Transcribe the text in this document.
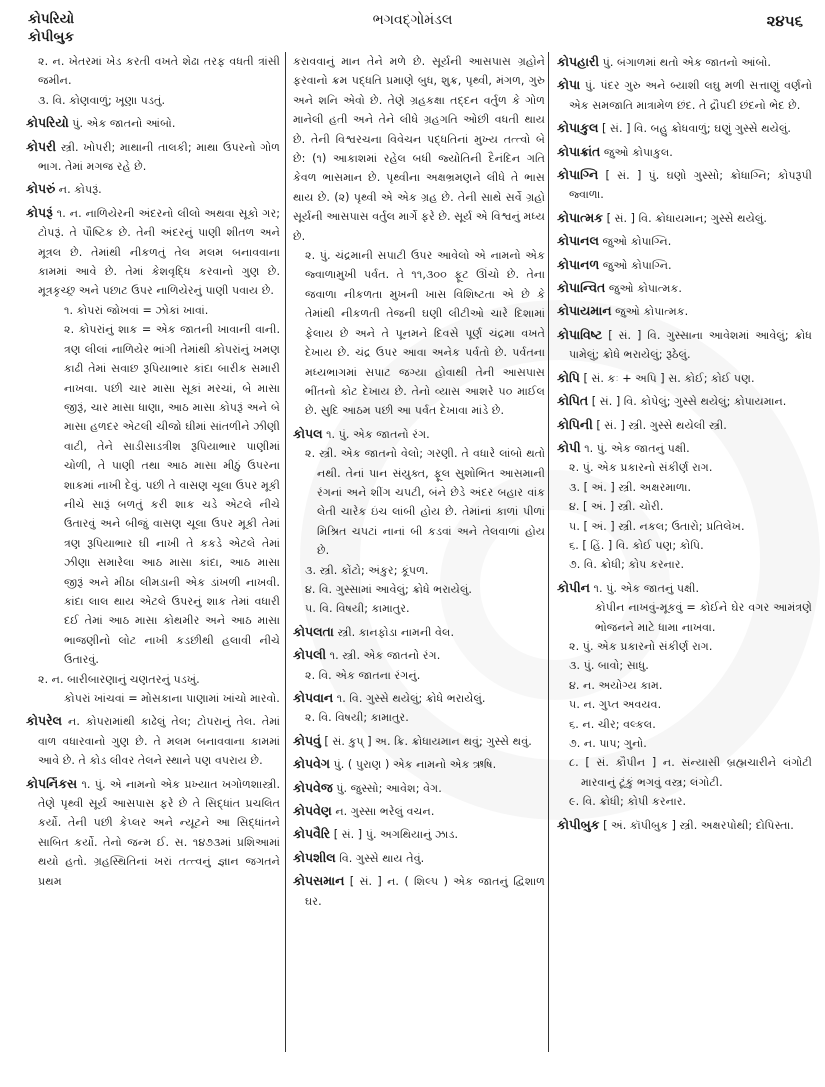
કોપરિયો
કોપીબુક
ભગવદ્ગોમંડલ	૨૪૫૬
૨. ન. ખેતરમાં ખેડ કરતી વખતે શેઢા તરફ વધતી ત્રાંસી જમીન.
૩. વિ. કોણવાળું; ખૂણા પડતું.
કોપરિયો પું. એક જાતનો આંબો.
કોપરી સ્ત્રી. ખોપરી; માથાની તાલકી; માથા ઉપરનો ગોળ ભાગ. તેમાં મગજ રહે છે.
કોપરું ન. કોપરૂં.
કોપરૂં ૧. ન. નાળિયેરની અંદરનો લીલો અથવા સૂકો ગર; ટોપરૂં. તે પૌષ્ટિક છે. તેની અંદરનું પાણી શીતળ અને મૂત્રલ છે. તેમાંથી નીકળતું તેલ મલમ બનાવવાના કામમાં આવે છે. તેમાં કેશવૃદ્ધિ કરવાનો ગુણ છે. મૂત્રકૃચ્છ્ર અને પછાટ ઉપર નાળિયેરનું પાણી પવાય છે.
૧. કોપરાં જોખવાં = ઝોકાં ખાવાં.
૨. કોપરાંનું શાક = એક જાતની ખાવાની વાની. ત્રણ લીલાં નાળિયેર ભાંગી તેમાંથી કોપરાંનું ખમણ કાઢી તેમાં સવાછ રૂપિયાભાર કાંદા બારીક સમારી નાખવા. પછી ચાર માસા સૂકાં મરચાં, બે માસા જીરૂં, ચાર માસા ધાણા, આઠ માસા કોપરૂં અને બે માસા હળદર એટલી ચીજો ઘીમાં સાંતળીને ઝીણી વાટી, તેને સાડીસાડત્રીશ રૂપિયાભાર પાણીમાં ચોળી, તે પાણી તથા આઠ માસા મીઠું ઉપરના શાકમાં નાખી દેવું. પછી તે વાસણ ચૂલા ઉપર મૂકી નીચે સારૂં બળતું કરી શાક ચડે એટલે નીચે ઉતારવું અને બીજું વાસણ ચૂલા ઉપર મૂકી તેમાં ત્રણ રૂપિયાભાર ઘી નાખી તે કકડે એટલે તેમાં ઝીણા સમારેલા આઠ માસા કાંદા, આઠ માસા જીરૂં અને મીઠા લીમડાની એક ડાંખળી નાખવી. કાંદા લાલ થાય એટલે ઉપરનું શાક તેમાં વધારી દઈ તેમાં આઠ માસા કોથમીર અને આઠ માસા ભાજણીનો લોટ નાખી કડછીથી હલાવી નીચે ઉતારવું.
૨. ન. બારીબારણાનું ચણતરનું પડખું.
કોપરાં ખાંચવાં = મોસકાના પાણામાં ખાંચો મારવો.
કોપરેલ ન. કોપરામાંથી કાઢેલું તેલ; ટોપરાનું તેલ. તેમાં વાળ વધારવાનો ગુણ છે. તે મલમ બનાવવાના કામમાં આવે છે. તે કોડ લીવર તેલને સ્થાને પણ વપરાય છે.
કોપર્નિકસ ૧. પું. એ નામનો એક પ્રખ્યાત ખગોળશાસ્ત્રી. તેણે પૃથ્વી સૂર્ય આસપાસ ફરે છે તે સિદ્ધાંત પ્રચલિત કર્યો. તેની પછી કેપ્લર અને ન્યૂટને આ સિદ્ધાંતને સાબિત કર્યો. તેનો જન્મ ઈ. સ. ૧૪૭૩માં પ્રશિઆમાં થયો હતો. ગ્રહસ્થિતિનાં ખરાં તત્ત્વનું જ્ઞાન જગતને પ્રથમ
કરાવવાનું માન તેને મળે છે. સૂર્યની આસપાસ ગ્રહોને ફરવાનો ક્રમ પદ્ધતિ પ્રમાણે બુધ, શુક્ર, પૃથ્વી, મંગળ, ગુરુ અને શનિ એવો છે. તેણે ગ્રહકક્ષા તદ્દન વર્તુળ કે ગોળ માનેલી હતી અને તેને લીધે ગ્રહગતિ ઓછી વધતી થાય છે. તેની વિશ્વરચના વિવેચન પદ્ધતિનાં મુખ્ય તત્ત્વો બે છે: (૧) આકાશમાં રહેલ બધી જ્યોતિની દૈનંદિન ગતિ કેવળ ભાસમાન છે. પૃથ્વીના અક્ષભ્રમણને લીધે તે ભાસ થાય છે. (૨) પૃથ્વી એ એક ગ્રહ છે. તેની સાથે સર્વે ગ્રહો સૂર્યની આસપાસ વર્તુલ માર્ગે ફરે છે. સૂર્ય એ વિશ્વનું મધ્ય છે.
૨. પું. ચંદ્રમાની સપાટી ઉપર આવેલો એ નામનો એક જ્વાળામુખી પર્વત. તે ૧૧,૩૦૦ ફૂટ ઊંચો છે. તેના જવાળા નીકળતા મુખની ખાસ વિશિષ્ટતા એ છે કે તેમાંથી નીકળતી તેજની ઘણી લીટીઓ ચારે દિશામાં ફેલાય છે અને તે પૂનમને દિવસે પૂર્ણ ચંદ્રમા વખતે દેખાય છે. ચંદ્ર ઉપર આવા અનેક પર્વતો છે. પર્વતના મધ્યભાગમાં સપાટ જગ્યા હોવાથી તેની આસપાસ ભીંતનો કોટ દેખાય છે. તેનો વ્યાસ આશરે ૫૦ માઈલ છે. સુદિ આઠમ પછી આ પર્વત દેખાવા માંડે છે.
કોપલ ૧. પું. એક જાતનો રંગ.
૨. સ્ત્રી. એક જાતનો વેલો; ગરણી. તે વધારે લાંબો થતો નથી. તેનાં પાન સંયુક્ત, ફૂલ સુશોભિત આસમાની રંગનાં અને શીંગ ચપટી, બંને છેડે અંદર બહાર વાંક લેતી ચારેક ઇંચ લાંબી હોય છે. તેમાંનાં કાળાં પીળાં મિશ્રિત ચપટાં નાનાં બી કડવાં અને તેલવાળાં હોય છે.
૩. સ્ત્રી. કોંટો; અંકુર; કૂંપળ.
૪. વિ. ગુસ્સામાં આવેલું; ક્રોધે ભરાયેલું.
૫. વિ. વિષયી; કામાતુર.
કોપલતા સ્ત્રી. કાનફોડા નામની વેલ.
કોપલી ૧. સ્ત્રી. એક જાતનો રંગ.
૨. વિ. એક જાતના રંગનું.
કોપવાન ૧. વિ. ગુસ્સે થયેલું; ક્રોધે ભરાયેલું.
૨. વિ. વિષયી; કામાતુર.
કોપવું [ સં. કુપ્ ] અ. ક્રિ. ક્રોધાયમાન થવું; ગુસ્સે થવું.
કોપવેગ પું. ( પુરાણ ) એક નામનો એક ઋષિ.
કોપવેજ પું. જુસ્સો; આવેશ; વેગ.
કોપવેણ ન. ગુસ્સા ભરેલું વચન.
કોપવૈરિ [ સં. ] પું. અગથિયાનું ઝાડ.
કોપશીલ વિ. ગુસ્સે થાય તેવું.
કોપસમાન [ સં. ] ન. ( શિલ્પ ) એક જાતનું દ્વિશાળ ઘર.
કોપહારી પું. બંગાળમાં થતો એક જાતનો આંબો.
કોપા પું. પંદર ગુરુ અને બ્યાશી લઘુ મળી સત્તાણું વર્ણનો એક સમજાતિ માત્રામેળ છંદ. તે દ્રૌપદી છંદનો ભેદ છે.
કોપાકુલ [ સં. ] વિ. બહુ ક્રોધવાળું; ઘણું ગુસ્સે થયેલું.
કોપાક્રાંત જુઓ કોપાકુલ.
કોપાગ્નિ [ સં. ] પું. ઘણો ગુસ્સો; ક્રોધાગ્નિ; કોપરૂપી જ્વાળા.
કોપાત્મક [ સં. ] વિ. ક્રોધાયમાન; ગુસ્સે થયેલું.
કોપાનલ જુઓ કોપાગ્નિ.
કોપાનળ જુઓ કોપાગ્નિ.
કોપાન્વિત જુઓ કોપાત્મક.
કોપાયમાન જુઓ કોપાત્મક.
કોપાવિષ્ટ [ સં. ] વિ. ગુસ્સાના આવેશમાં આવેલું; ક્રોધ પામેલું; ક્રોધે ભરાયેલું; રૂઠેલું.
કોપિ [ સં. કઃ + અપિ ] સ. કોઈ; કોઈ પણ.
કોપિત [ સં. ] વિ. કોપેલું; ગુસ્સે થયેલું; કોપાયમાન.
કોપિની [ સં. ] સ્ત્રી. ગુસ્સે થયેલી સ્ત્રી.
કોપી ૧. પું. એક જાતનું પક્ષી.
૨. પું. એક પ્રકારનો સંકીર્ણ રાગ.
૩. [ અં. ] સ્ત્રી. અક્ષરમાળા.
૪. [ અં. ] સ્ત્રી. ચોરી.
૫. [ અં. ] સ્ત્રી. નકલ; ઉતારો; પ્રતિલેખ.
૬. [ હિં. ] વિ. કોઈ પણ; કોપિ.
૭. વિ. ક્રોધી; કોપ કરનાર.
કોપીન ૧. પું. એક જાતનું પક્ષી.
કોપીન નાખવું-મૂકવું = કોઈને ઘેર વગર આમંત્રણે ભોજનને માટે ધામા નાખવા.
૨. પું. એક પ્રકારનો સંકીર્ણ રાગ.
૩. પું. બાવો; સાધુ.
૪. ન. અયોગ્ય કામ.
૫. ન. ગુપ્ત અવયવ.
૬. ન. ચીર; વલ્કલ.
૭. ન. પાપ; ગુનો.
૮. [ સં. કૌપીન ] ન. સંન્યાસી બ્રહ્મચારીને લંગોટી મારવાનું ટૂંકું ભગવું વસ્ત્ર; લંગોટી.
૯. વિ. ક્રોધી; કોપી કરનાર.
કોપીબુક [ અં. કૉપીબુક ] સ્ત્રી. અક્ષરપોથી; દોપિસ્તા.
